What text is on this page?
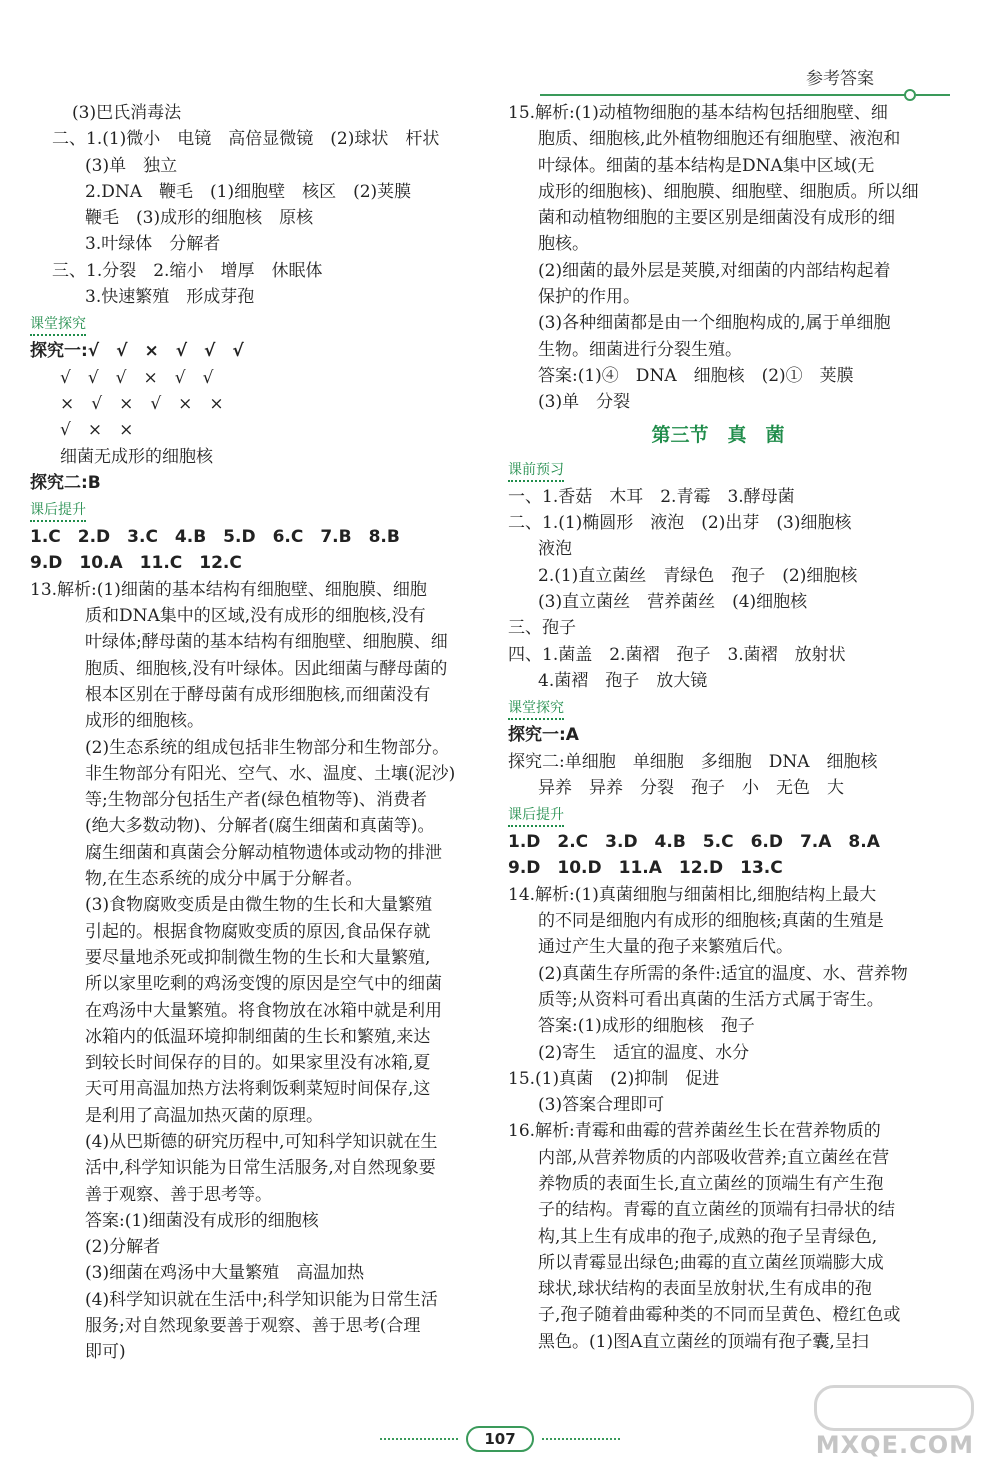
参考答案
(3)巴氏消毒法
二、1.(1)微小　电镜　高倍显微镜　(2)球状　杆状
(3)单　独立
2.DNA　鞭毛　(1)细胞壁　核区　(2)荚膜
鞭毛　(3)成形的细胞核　原核
3.叶绿体　分解者
三、1.分裂　2.缩小　增厚　休眠体
3.快速繁殖　形成芽孢
课堂探究
探究一:√　√　×　√　√　√
√　√　√　×　√　√
×　√　×　√　×　×
√　×　×
细菌无成形的细胞核
探究二:B
课后提升
1.C　2.D　3.C　4.B　5.D　6.C　7.B　8.B
9.D　10.A　11.C　12.C
13.解析:(1)细菌的基本结构有细胞壁、细胞膜、细胞
质和DNA集中的区域,没有成形的细胞核,没有
叶绿体;酵母菌的基本结构有细胞壁、细胞膜、细
胞质、细胞核,没有叶绿体。因此细菌与酵母菌的
根本区别在于酵母菌有成形细胞核,而细菌没有
成形的细胞核。
(2)生态系统的组成包括非生物部分和生物部分。
非生物部分有阳光、空气、水、温度、土壤(泥沙)
等;生物部分包括生产者(绿色植物等)、消费者
(绝大多数动物)、分解者(腐生细菌和真菌等)。
腐生细菌和真菌会分解动植物遗体或动物的排泄
物,在生态系统的成分中属于分解者。
(3)食物腐败变质是由微生物的生长和大量繁殖
引起的。根据食物腐败变质的原因,食品保存就
要尽量地杀死或抑制微生物的生长和大量繁殖,
所以家里吃剩的鸡汤变馊的原因是空气中的细菌
在鸡汤中大量繁殖。将食物放在冰箱中就是利用
冰箱内的低温环境抑制细菌的生长和繁殖,来达
到较长时间保存的目的。如果家里没有冰箱,夏
天可用高温加热方法将剩饭剩菜短时间保存,这
是利用了高温加热灭菌的原理。
(4)从巴斯德的研究历程中,可知科学知识就在生
活中,科学知识能为日常生活服务,对自然现象要
善于观察、善于思考等。
答案:(1)细菌没有成形的细胞核
(2)分解者
(3)细菌在鸡汤中大量繁殖　高温加热
(4)科学知识就在生活中;科学知识能为日常生活
服务;对自然现象要善于观察、善于思考(合理
即可)
15.解析:(1)动植物细胞的基本结构包括细胞壁、细
胞质、细胞核,此外植物细胞还有细胞壁、液泡和
叶绿体。细菌的基本结构是DNA集中区域(无
成形的细胞核)、细胞膜、细胞壁、细胞质。所以细
菌和动植物细胞的主要区别是细菌没有成形的细
胞核。
(2)细菌的最外层是荚膜,对细菌的内部结构起着
保护的作用。
(3)各种细菌都是由一个细胞构成的,属于单细胞
生物。细菌进行分裂生殖。
答案:(1)④　DNA　细胞核　(2)①　荚膜
(3)单　分裂
第三节　真　菌
课前预习
一、1.香菇　木耳　2.青霉　3.酵母菌
二、1.(1)椭圆形　液泡　(2)出芽　(3)细胞核
液泡
2.(1)直立菌丝　青绿色　孢子　(2)细胞核
(3)直立菌丝　营养菌丝　(4)细胞核
三、孢子
四、1.菌盖　2.菌褶　孢子　3.菌褶　放射状
4.菌褶　孢子　放大镜
课堂探究
探究一:A
探究二:单细胞　单细胞　多细胞　DNA　细胞核
异养　异养　分裂　孢子　小　无色　大
课后提升
1.D　2.C　3.D　4.B　5.C　6.D　7.A　8.A
9.D　10.D　11.A　12.D　13.C
14.解析:(1)真菌细胞与细菌相比,细胞结构上最大
的不同是细胞内有成形的细胞核;真菌的生殖是
通过产生大量的孢子来繁殖后代。
(2)真菌生存所需的条件:适宜的温度、水、营养物
质等;从资料可看出真菌的生活方式属于寄生。
答案:(1)成形的细胞核　孢子
(2)寄生　适宜的温度、水分
15.(1)真菌　(2)抑制　促进
(3)答案合理即可
16.解析:青霉和曲霉的营养菌丝生长在营养物质的
内部,从营养物质的内部吸收营养;直立菌丝在营
养物质的表面生长,直立菌丝的顶端生有产生孢
子的结构。青霉的直立菌丝的顶端有扫帚状的结
构,其上生有成串的孢子,成熟的孢子呈青绿色,
所以青霉显出绿色;曲霉的直立菌丝顶端膨大成
球状,球状结构的表面呈放射状,生有成串的孢
子,孢子随着曲霉种类的不同而呈黄色、橙红色或
黑色。(1)图A直立菌丝的顶端有孢子囊,呈扫
107	MXQE.COM
